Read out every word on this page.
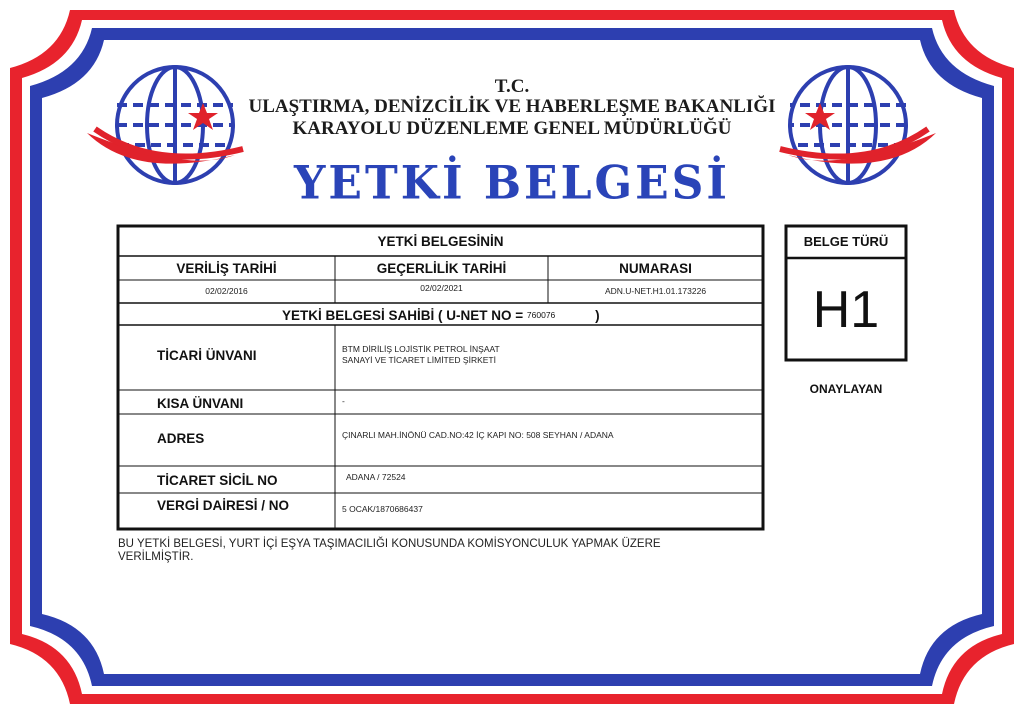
T.C.
ULAŞTIRMA, DENİZCİLİK VE HABERLEŞME BAKANLIĞI
KARAYOLU DÜZENLEME GENEL MÜDÜRLÜĞÜ
YETKİ BELGESİ
YETKİ BELGESİNİN
VERİLİŞ TARİHİ	GEÇERLİLİK TARİHİ	NUMARASI
02/02/2016	02/02/2021	ADN.U-NET.H1.01.173226
YETKİ BELGESİ SAHİBİ ( U-NET NO = 760076	)
TİCARİ ÜNVANI	BTM DİRİLİŞ LOJİSTİK PETROL İNŞAAT
SANAYİ VE TİCARET LİMİTED ŞİRKETİ
KISA ÜNVANI	-
ADRES	ÇINARLI MAH.İNÖNÜ CAD.NO:42 İÇ KAPI NO: 508 SEYHAN / ADANA
TİCARET SİCİL NO	ADANA / 72524
VERGİ DAİRESİ / NO	5 OCAK/1870686437
BELGE TÜRÜ
H1
ONAYLAYAN
BU YETKİ BELGESİ, YURT İÇİ EŞYA TAŞIMACILIĞI KONUSUNDA KOMİSYONCULUK YAPMAK ÜZERE
VERİLMİŞTİR.
